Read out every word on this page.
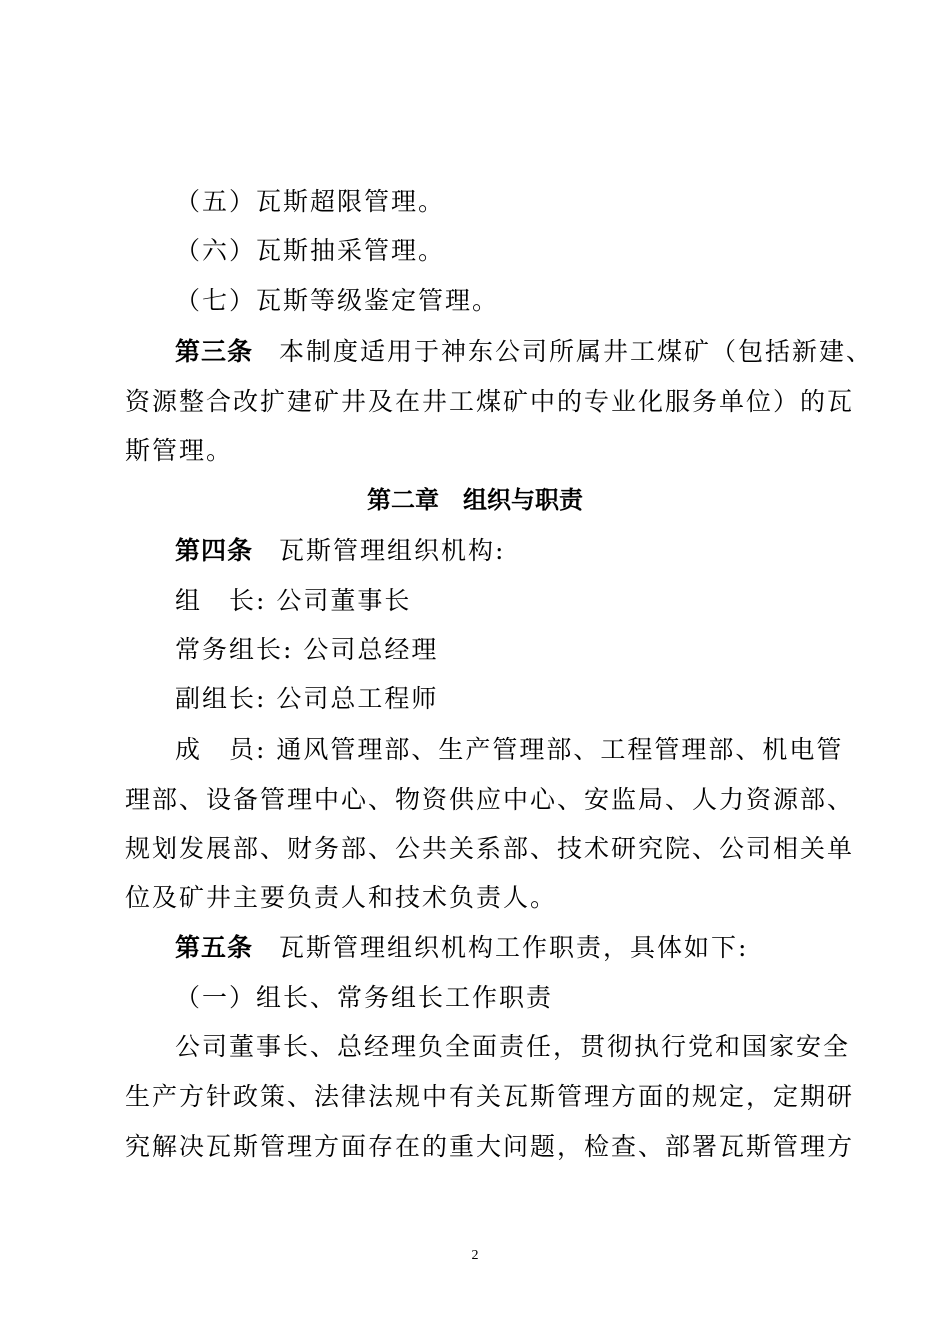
（五）瓦斯超限管理。
（六）瓦斯抽采管理。
（七）瓦斯等级鉴定管理。
第三条 本制度适用于神东公司所属井工煤矿（包括新建、
资源整合改扩建矿井及在井工煤矿中的专业化服务单位）的瓦
斯管理。
第二章　组织与职责
第四条 瓦斯管理组织机构:
组　长: 公司董事长
常务组长: 公司总经理
副组长: 公司总工程师
成　员: 通风管理部、生产管理部、工程管理部、机电管
理部、设备管理中心、物资供应中心、安监局、人力资源部、
规划发展部、财务部、公共关系部、技术研究院、公司相关单
位及矿井主要负责人和技术负责人。
第五条 瓦斯管理组织机构工作职责，具体如下:
（一）组长、常务组长工作职责
公司董事长、总经理负全面责任，贯彻执行党和国家安全
生产方针政策、法律法规中有关瓦斯管理方面的规定，定期研
究解决瓦斯管理方面存在的重大问题，检查、部署瓦斯管理方
2
